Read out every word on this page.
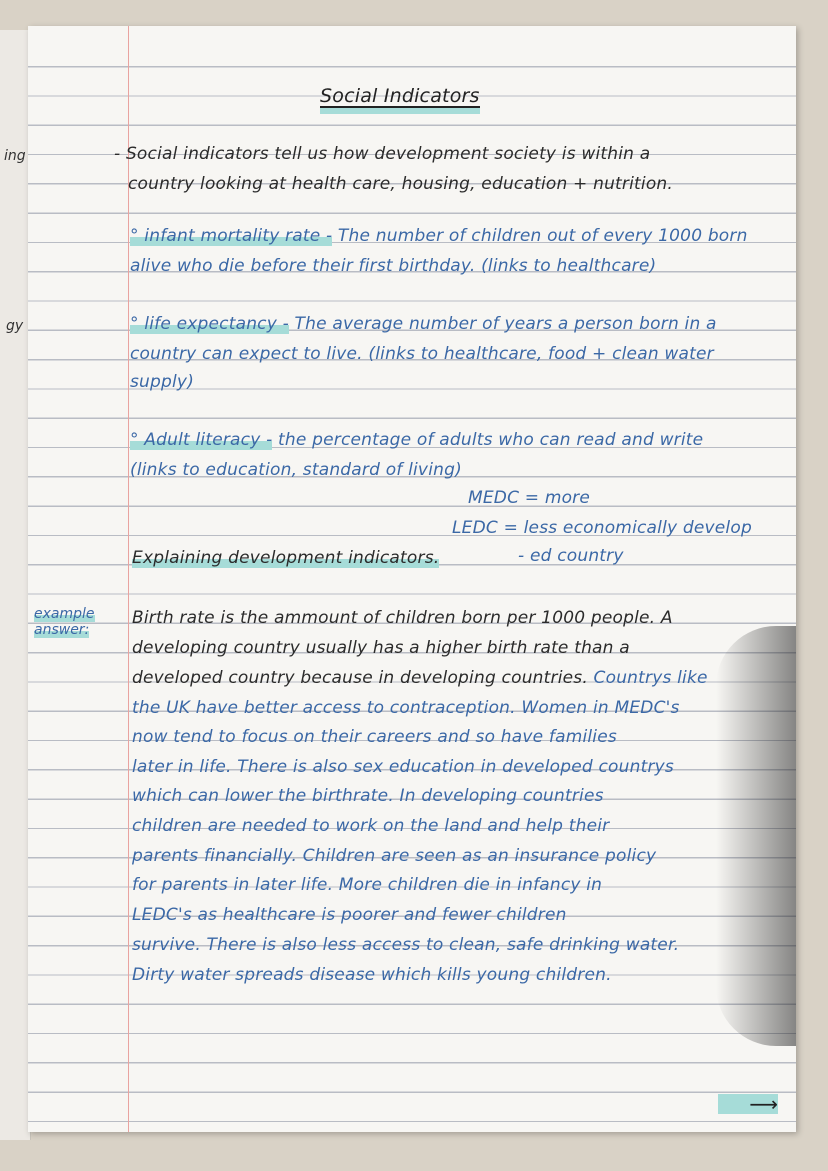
ing
gy
Social Indicators
- Social indicators tell us how development society is within a
country looking at health care, housing, education + nutrition.
° infant mortality rate - The number of children out of every 1000 born
alive who die before their first birthday. (links to healthcare)
° life expectancy - The average number of years a person born in a
country can expect to live. (links to healthcare, food + clean water
supply)
° Adult literacy - the percentage of adults who can read and write
(links to education, standard of living)
MEDC = more
LEDC = less economically develop
- ed country
Explaining development indicators.
example
answer:
Birth rate is the ammount of children born per 1000 people. A
developing country usually has a higher birth rate than a
developed country because in developing countries. Countrys like
the UK have better access to contraception. Women in MEDC's
now tend to focus on their careers and so have families
later in life. There is also sex education in developed countrys
which can lower the birthrate. In developing countries
children are needed to work on the land and help their
parents financially. Children are seen as an insurance policy
for parents in later life. More children die in infancy in
LEDC's as healthcare is poorer and fewer children
survive. There is also less access to clean, safe drinking water.
Dirty water spreads disease which kills young children.
⟶
